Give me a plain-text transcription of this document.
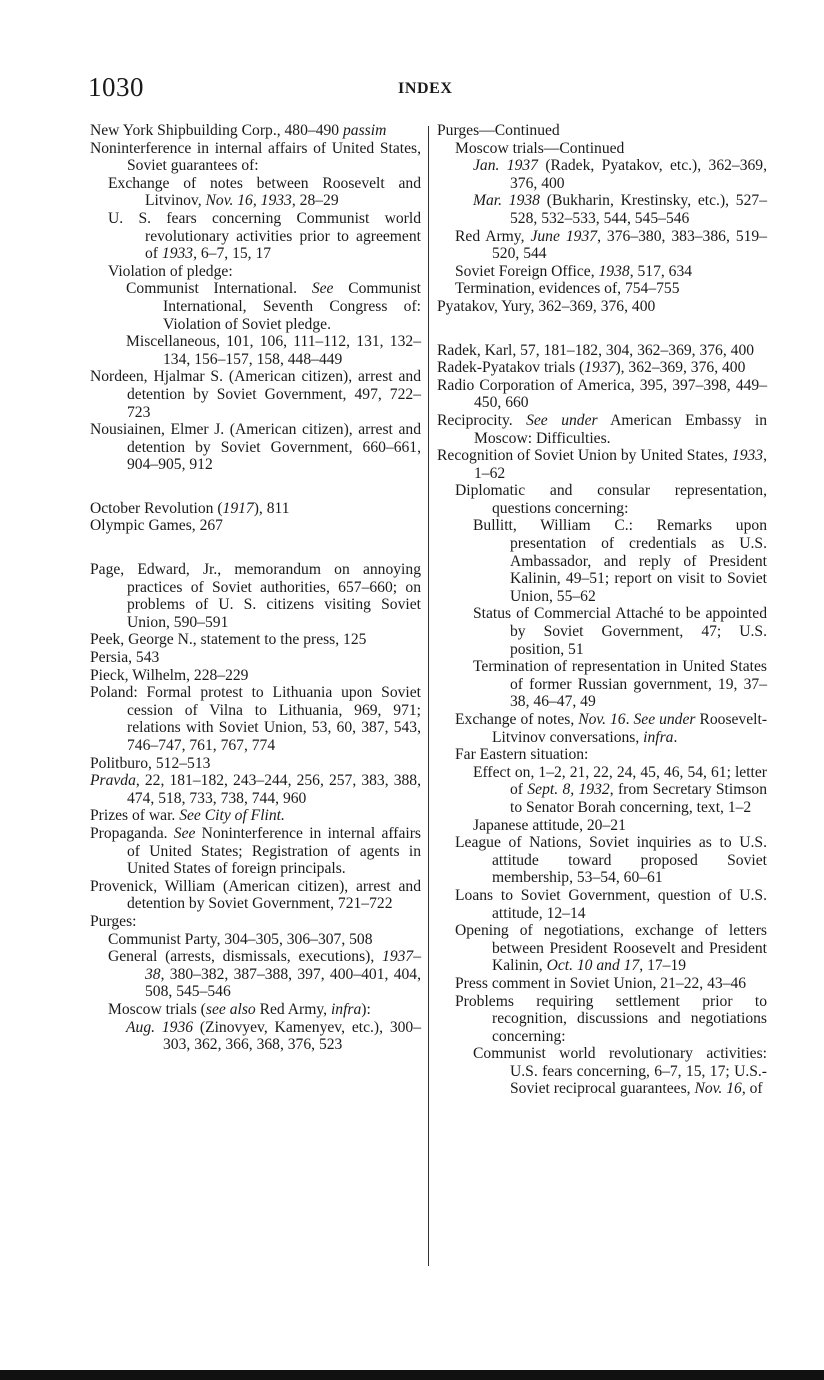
1030	INDEX
New York Shipbuilding Corp., 480–490 passim
Noninterference in internal affairs of United States, Soviet guarantees of:
Exchange of notes between Roosevelt and Litvinov, Nov. 16, 1933, 28–29
U. S. fears concerning Communist world revolutionary activities prior to agreement of 1933, 6–7, 15, 17
Violation of pledge:
Communist International. See Communist International, Seventh Congress of: Violation of Soviet pledge.
Miscellaneous, 101, 106, 111–112, 131, 132–134, 156–157, 158, 448–449
Nordeen, Hjalmar S. (American citizen), arrest and detention by Soviet Government, 497, 722–723
Nousiainen, Elmer J. (American citizen), arrest and detention by Soviet Government, 660–661, 904–905, 912
October Revolution (1917), 811
Olympic Games, 267
Page, Edward, Jr., memorandum on annoying practices of Soviet authorities, 657–660; on problems of U. S. citizens visiting Soviet Union, 590–591
Peek, George N., statement to the press, 125
Persia, 543
Pieck, Wilhelm, 228–229
Poland: Formal protest to Lithuania upon Soviet cession of Vilna to Lithuania, 969, 971; relations with Soviet Union, 53, 60, 387, 543, 746–747, 761, 767, 774
Politburo, 512–513
Pravda, 22, 181–182, 243–244, 256, 257, 383, 388, 474, 518, 733, 738, 744, 960
Prizes of war. See City of Flint.
Propaganda. See Noninterference in internal affairs of United States; Registration of agents in United States of foreign principals.
Provenick, William (American citizen), arrest and detention by Soviet Government, 721–722
Purges:
Communist Party, 304–305, 306–307, 508
General (arrests, dismissals, executions), 1937–38, 380–382, 387–388, 397, 400–401, 404, 508, 545–546
Moscow trials (see also Red Army, infra):
Aug. 1936 (Zinovyev, Kamenyev, etc.), 300–303, 362, 366, 368, 376, 523
Purges—Continued
Moscow trials—Continued
Jan. 1937 (Radek, Pyatakov, etc.), 362–369, 376, 400
Mar. 1938 (Bukharin, Krestinsky, etc.), 527–528, 532–533, 544, 545–546
Red Army, June 1937, 376–380, 383–386, 519–520, 544
Soviet Foreign Office, 1938, 517, 634
Termination, evidences of, 754–755
Pyatakov, Yury, 362–369, 376, 400
Radek, Karl, 57, 181–182, 304, 362–369, 376, 400
Radek-Pyatakov trials (1937), 362–369, 376, 400
Radio Corporation of America, 395, 397–398, 449–450, 660
Reciprocity. See under American Embassy in Moscow: Difficulties.
Recognition of Soviet Union by United States, 1933, 1–62
Diplomatic and consular representation, questions concerning:
Bullitt, William C.: Remarks upon presentation of credentials as U.S. Ambassador, and reply of President Kalinin, 49–51; report on visit to Soviet Union, 55–62
Status of Commercial Attaché to be appointed by Soviet Government, 47; U.S. position, 51
Termination of representation in United States of former Russian government, 19, 37–38, 46–47, 49
Exchange of notes, Nov. 16. See under Roosevelt-Litvinov conversations, infra.
Far Eastern situation:
Effect on, 1–2, 21, 22, 24, 45, 46, 54, 61; letter of Sept. 8, 1932, from Secretary Stimson to Senator Borah concerning, text, 1–2
Japanese attitude, 20–21
League of Nations, Soviet inquiries as to U.S. attitude toward proposed Soviet membership, 53–54, 60–61
Loans to Soviet Government, question of U.S. attitude, 12–14
Opening of negotiations, exchange of letters between President Roosevelt and President Kalinin, Oct. 10 and 17, 17–19
Press comment in Soviet Union, 21–22, 43–46
Problems requiring settlement prior to recognition, discussions and negotiations concerning:
Communist world revolutionary activities: U.S. fears concerning, 6–7, 15, 17; U.S.-Soviet reciprocal guarantees, Nov. 16, of
